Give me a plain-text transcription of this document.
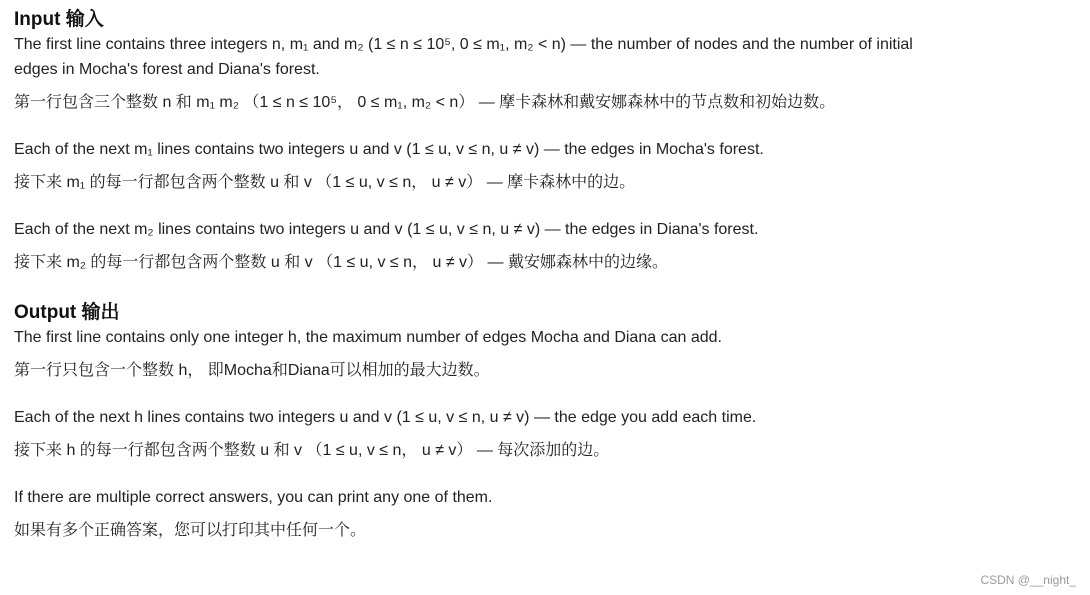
Input 输入
The first line contains three integers n, m₁ and m₂ (1 ≤ n ≤ 10⁵, 0 ≤ m₁, m₂ < n) — the number of nodes and the number of initial
edges in Mocha's forest and Diana's forest.
第一行包含三个整数 n 和 m₁ m₂ （1 ≤ n ≤ 10⁵， 0 ≤ m₁, m₂ < n） — 摩卡森林和戴安娜森林中的节点数和初始边数。
Each of the next m₁ lines contains two integers u and v (1 ≤ u, v ≤ n, u ≠ v) — the edges in Mocha's forest.
接下来 m₁ 的每一行都包含两个整数 u 和 v （1 ≤ u, v ≤ n， u ≠ v） — 摩卡森林中的边。
Each of the next m₂ lines contains two integers u and v (1 ≤ u, v ≤ n, u ≠ v) — the edges in Diana's forest.
接下来 m₂ 的每一行都包含两个整数 u 和 v （1 ≤ u, v ≤ n， u ≠ v） — 戴安娜森林中的边缘。
Output 输出
The first line contains only one integer h, the maximum number of edges Mocha and Diana can add.
第一行只包含一个整数 h， 即Mocha和Diana可以相加的最大边数。
Each of the next h lines contains two integers u and v (1 ≤ u, v ≤ n, u ≠ v) — the edge you add each time.
接下来 h 的每一行都包含两个整数 u 和 v （1 ≤ u, v ≤ n， u ≠ v） — 每次添加的边。
If there are multiple correct answers, you can print any one of them.
如果有多个正确答案，您可以打印其中任何一个。
CSDN @__night_
